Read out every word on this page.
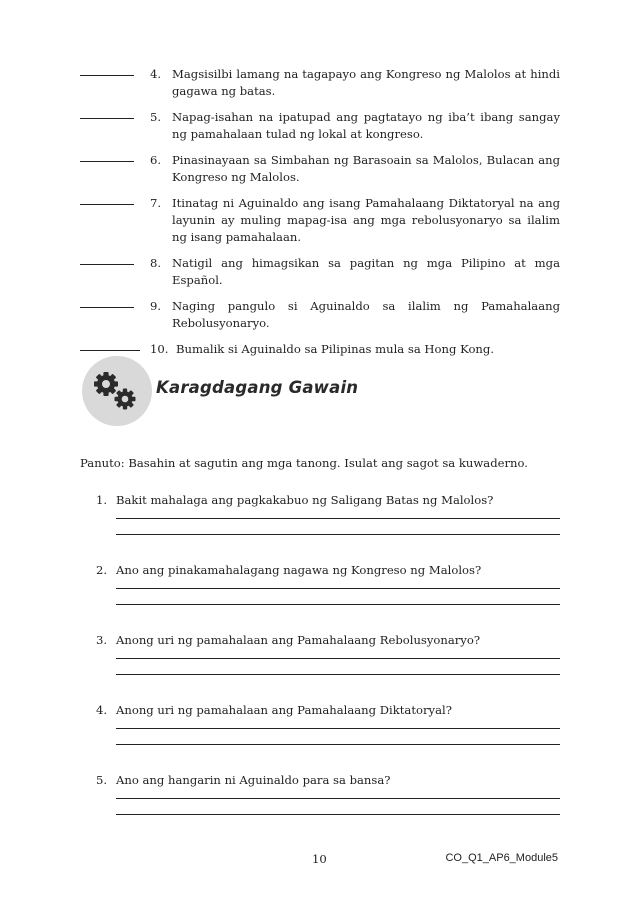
4. Magsisilbi lamang na tagapayo ang Kongreso ng Malolos at hindi gagawa ng batas.
5. Napag-isahan na ipatupad ang pagtatayo ng iba’t ibang sangay ng pamahalaan tulad ng lokal at kongreso.
6. Pinasinayaan sa Simbahan ng Barasoain sa Malolos, Bulacan ang Kongreso ng Malolos.
7. Itinatag ni Aguinaldo ang isang Pamahalaang Diktatoryal na ang layunin ay muling mapag-isa ang mga rebolusyonaryo sa ilalim ng isang pamahalaan.
8. Natigil ang himagsikan sa pagitan ng mga Pilipino at mga Español.
9. Naging pangulo si Aguinaldo sa ilalim ng Pamahalaang Rebolusyonaryo.
10. Bumalik si Aguinaldo sa Pilipinas mula sa Hong Kong.
Karagdagang Gawain
Panuto: Basahin at sagutin ang mga tanong. Isulat ang sagot sa kuwaderno.
1. Bakit mahalaga ang pagkakabuo ng Saligang Batas ng Malolos?
2. Ano ang pinakamahalagang nagawa ng Kongreso ng Malolos?
3. Anong uri ng pamahalaan ang Pamahalaang Rebolusyonaryo?
4. Anong uri ng pamahalaan ang Pamahalaang Diktatoryal?
5. Ano ang hangarin ni Aguinaldo para sa bansa?
10	CO_Q1_AP6_Module5
